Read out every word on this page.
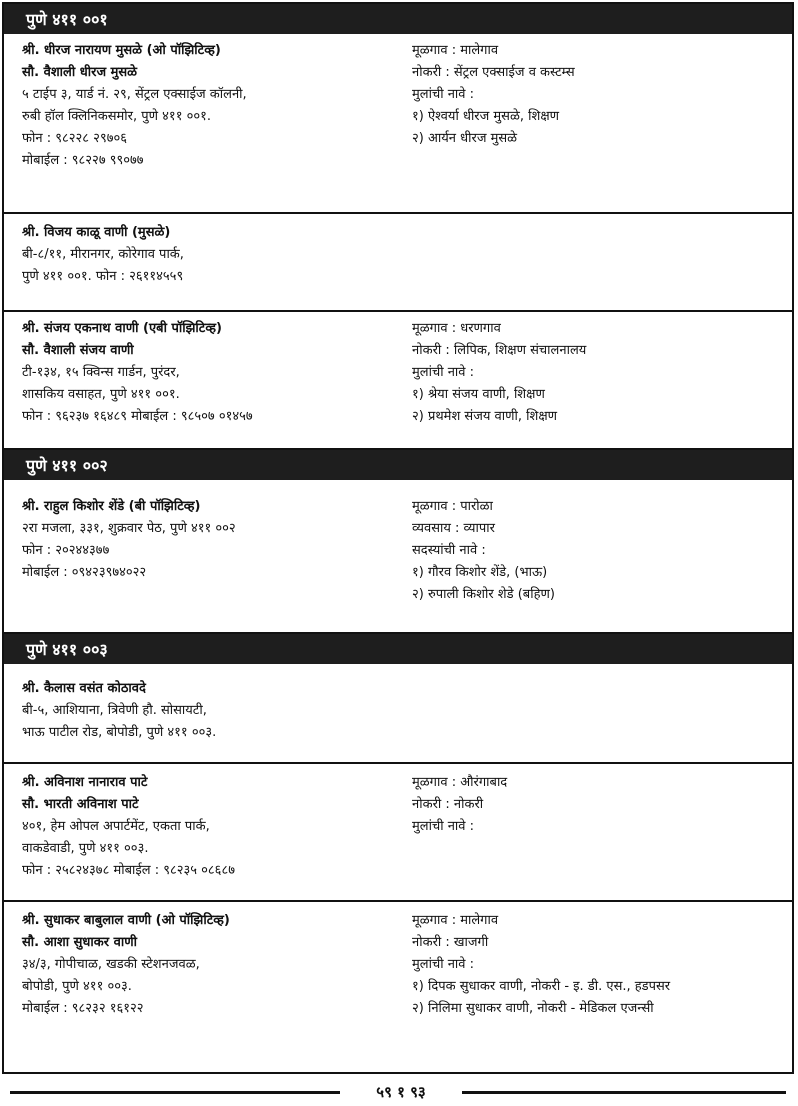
पुणे ४११ ००१
श्री. धीरज नारायण मुसळे (ओ पॉझिटिव्ह)
सौ. वैशाली धीरज मुसळे
५ टाईप ३, यार्ड नं. २९, सेंट्रल एक्साईज कॉलनी,
रुबी हॉल क्लिनिकसमोर, पुणे ४११ ००१.
फोन : ९८२२८ २९७०६
मोबाईल : ९८२२७ ९९०७७
मूळगाव : मालेगाव
नोकरी : सेंट्रल एक्साईज व कस्टम्स
मुलांची नावे :
१) ऐश्वर्या धीरज मुसळे, शिक्षण
२) आर्यन धीरज मुसळे
श्री. विजय काळू वाणी (मुसळे)
बी-८/११, मीरानगर, कोरेगाव पार्क,
पुणे ४११ ००१. फोन : २६११४५५९
श्री. संजय एकनाथ वाणी (एबी पॉझिटिव्ह)
सौ. वैशाली संजय वाणी
टी-१३४, १५ क्विन्स गार्डन, पुरंदर,
शासकिय वसाहत, पुणे ४११ ००१.
फोन : ९६२३७ १६४८९ मोबाईल : ९८५०७ ०१४५७
मूळगाव : धरणगाव
नोकरी : लिपिक, शिक्षण संचालनालय
मुलांची नावे :
१) श्रेया संजय वाणी, शिक्षण
२) प्रथमेश संजय वाणी, शिक्षण
पुणे ४११ ००२
श्री. राहुल किशोर शेंडे (बी पॉझिटिव्ह)
२रा मजला, ३३१, शुक्रवार पेठ, पुणे ४११ ००२
फोन : २०२४४३७७
मोबाईल : ०९४२३९७४०२२
मूळगाव : पारोळा
व्यवसाय : व्यापार
सदस्यांची नावे :
१) गौरव किशोर शेंडे, (भाऊ)
२) रुपाली किशोर शेडे (बहिण)
पुणे ४११ ००३
श्री. कैलास वसंत कोठावदे
बी-५, आशियाना, त्रिवेणी हौ. सोसायटी,
भाऊ पाटील रोड, बोपोडी, पुणे ४११ ००३.
श्री. अविनाश नानाराव पाटे
सौ. भारती अविनाश पाटे
४०१, हेम ओपल अपार्टमेंट, एकता पार्क,
वाकडेवाडी, पुणे ४११ ००३.
फोन : २५८२४३७८ मोबाईल : ९८२३५ ०८६८७
मूळगाव : औरंगाबाद
नोकरी : नोकरी
मुलांची नावे :
श्री. सुधाकर बाबुलाल वाणी (ओ पॉझिटिव्ह)
सौ. आशा सुधाकर वाणी
३४/३, गोपीचाळ, खडकी स्टेशनजवळ,
बोपोडी, पुणे ४११ ००३.
मोबाईल : ९८२३२ १६१२२
मूळगाव : मालेगाव
नोकरी : खाजगी
मुलांची नावे :
१) दिपक सुधाकर वाणी, नोकरी - इ. डी. एस., हडपसर
२) निलिमा सुधाकर वाणी, नोकरी - मेडिकल एजन्सी
५९ १ ९३
